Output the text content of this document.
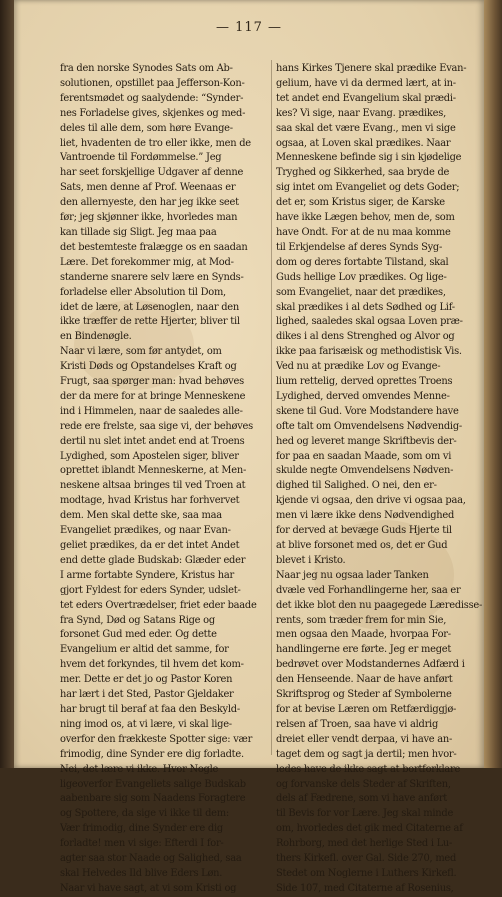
— 117 —
fra den norske Synodes Sats om Ab-
solutionen, opstillet paa Jefferson-Kon-
ferentsmødet og saalydende: “Synder-
nes Forladelse gives, skjenkes og med-
deles til alle dem, som høre Evange-
liet, hvadenten de tro eller ikke, men de
Vantroende til Fordømmelse.” Jeg
har seet forskjellige Udgaver af denne
Sats, men denne af Prof. Weenaas er
den allernyeste, den har jeg ikke seet
før; jeg skjønner ikke, hvorledes man
kan tillade sig Sligt. Jeg maa paa
det bestemteste fralægge os en saadan
Lære. Det forekommer mig, at Mod-
standerne snarere selv lære en Synds-
forladelse eller Absolution til Dom,
idet de lære, at Løsenoglen, naar den
ikke træffer de rette Hjerter, bliver til
en Bindenøgle.
Naar vi lære, som før antydet, om
Kristi Døds og Opstandelses Kraft og
Frugt, saa spørger man: hvad behøves
der da mere for at bringe Menneskene
ind i Himmelen, naar de saaledes alle-
rede ere frelste, saa sige vi, der behøves
dertil nu slet intet andet end at Troens
Lydighed, som Apostelen siger, bliver
oprettet iblandt Menneskerne, at Men-
neskene altsaa bringes til ved Troen at
modtage, hvad Kristus har forhvervet
dem. Men skal dette ske, saa maa
Evangeliet prædikes, og naar Evan-
geliet prædikes, da er det intet Andet
end dette glade Budskab: Glæder eder
I arme fortabte Syndere, Kristus har
gjort Fyldest for eders Synder, udslet-
tet eders Overtrædelser, friet eder baade
fra Synd, Død og Satans Rige og
forsonet Gud med eder. Og dette
Evangelium er altid det samme, for
hvem det forkyndes, til hvem det kom-
mer. Dette er det jo og Pastor Koren
har lært i det Sted, Pastor Gjeldaker
har brugt til beraf at faa den Beskyld-
ning imod os, at vi lære, vi skal lige-
overfor den frækkeste Spotter sige: vær
frimodig, dine Synder ere dig forladte.
Nei, det lære vi ikke. Hvor Nogle
ligeoverfor Evangeliets salige Budskab
aabenbare sig som Naadens Foragtere
og Spottere, da sige vi ikke til dem:
Vær frimodig, dine Synder ere dig
forladte! men vi sige: Efterdi I for-
agter saa stor Naade og Salighed, saa
skal Helvedes Ild blive Eders Løn.
Naar vi have sagt, at vi som Kristi og
hans Kirkes Tjenere skal prædike Evan-
gelium, have vi da dermed lært, at in-
tet andet end Evangelium skal prædi-
kes? Vi sige, naar Evang. prædikes,
saa skal det være Evang., men vi sige
ogsaa, at Loven skal prædikes. Naar
Menneskene befinde sig i sin kjødelige
Tryghed og Sikkerhed, saa bryde de
sig intet om Evangeliet og dets Goder;
det er, som Kristus siger, de Karske
have ikke Lægen behov, men de, som
have Ondt. For at de nu maa komme
til Erkjendelse af deres Synds Syg-
dom og deres fortabte Tilstand, skal
Guds hellige Lov prædikes. Og lige-
som Evangeliet, naar det prædikes,
skal prædikes i al dets Sødhed og Lif-
lighed, saaledes skal ogsaa Loven præ-
dikes i al dens Strenghed og Alvor og
ikke paa farisæisk og methodistisk Vis.
Ved nu at prædike Lov og Evange-
lium rettelig, derved oprettes Troens
Lydighed, derved omvendes Menne-
skene til Gud. Vore Modstandere have
ofte talt om Omvendelsens Nødvendig-
hed og leveret mange Skriftbevis der-
for paa en saadan Maade, som om vi
skulde negte Omvendelsens Nødven-
dighed til Salighed. O nei, den er-
kjende vi ogsaa, den drive vi ogsaa paa,
men vi lære ikke dens Nødvendighed
for derved at bevæge Guds Hjerte til
at blive forsonet med os, det er Gud
blevet i Kristo.
Naar jeg nu ogsaa lader Tanken
dvæle ved Forhandlingerne her, saa er
det ikke blot den nu paagegede Læredisse-
rents, som træder frem for min Sie,
men ogsaa den Maade, hvorpaa For-
handlingerne ere førte. Jeg er meget
bedrøvet over Modstandernes Adfærd i
den Henseende. Naar de have anført
Skriftsprog og Steder af Symbolerne
for at bevise Læren om Retfærdiggjø-
relsen af Troen, saa have vi aldrig
dreiet eller vendt derpaa, vi have an-
taget dem og sagt ja dertil; men hvor-
ledes have de ikke sagt at bortforklare
og forvanske dels Steder af Skriften,
dels af Fædrene, som vi have anført
til Bevis for vor Lære. Jeg skal minde
om, hvorledes det gik med Citaterne af
Rohrborg, med det herlige Sted i Lu-
thers Kirkefl. over Gal. Side 270, med
Stedet om Noglerne i Luthers Kirkefl.
Side 107, med Citaterne af Rosenius,
